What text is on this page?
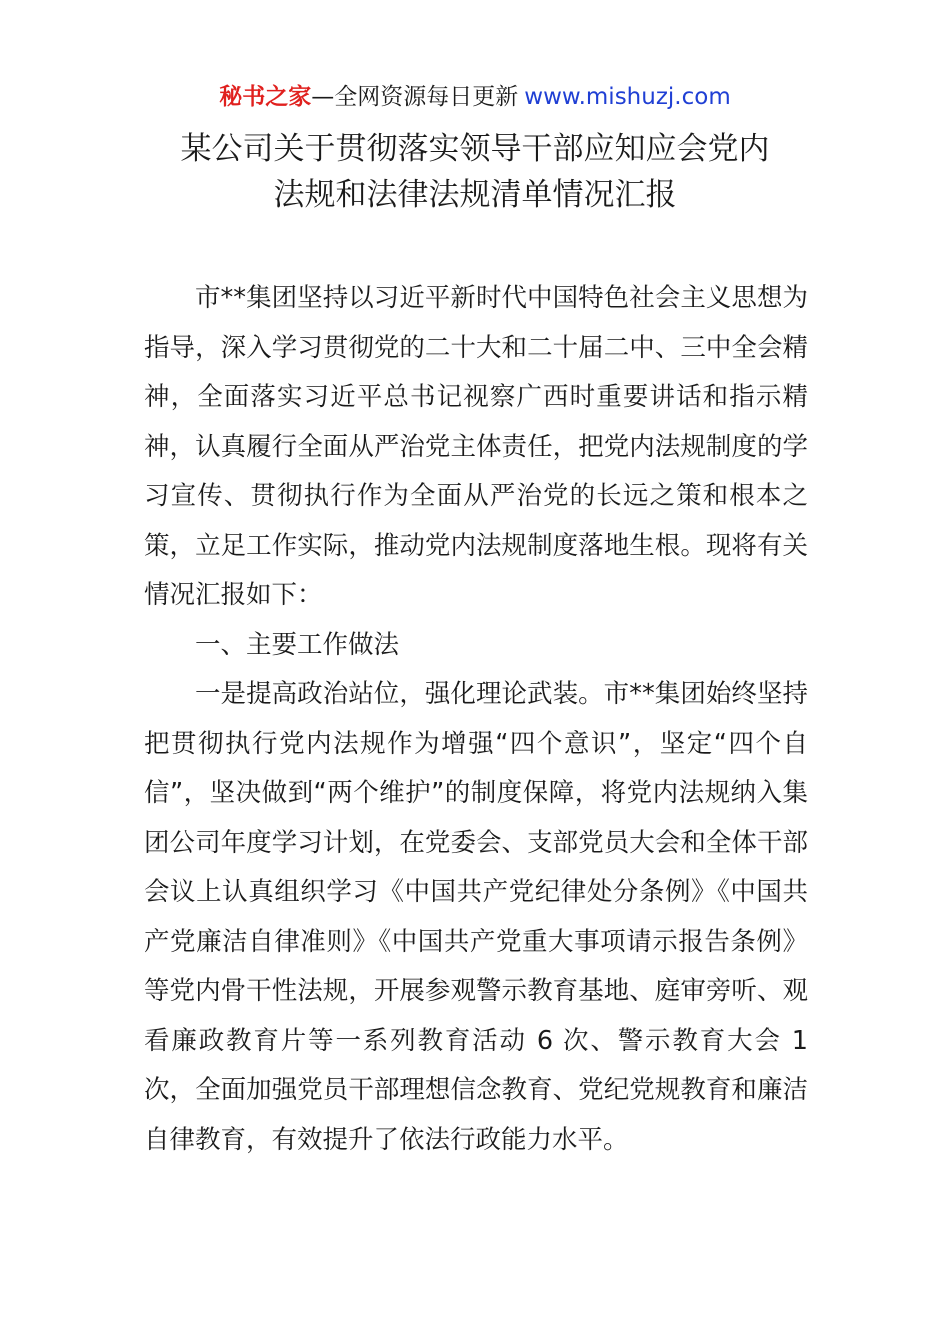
秘书之家—全网资源每日更新 www.mishuzj.com
某公司关于贯彻落实领导干部应知应会党内
法规和法律法规清单情况汇报

市**集团坚持以习近平新时代中国特色社会主义思想为指导，深入学习贯彻党的二十大和二十届二中、三中全会精神，全面落实习近平总书记视察广西时重要讲话和指示精神，认真履行全面从严治党主体责任，把党内法规制度的学习宣传、贯彻执行作为全面从严治党的长远之策和根本之策，立足工作实际，推动党内法规制度落地生根。现将有关情况汇报如下：

一、主要工作做法

一是提高政治站位，强化理论武装。市**集团始终坚持把贯彻执行党内法规作为增强“四个意识”，坚定“四个自信”，坚决做到“两个维护”的制度保障，将党内法规纳入集团公司年度学习计划，在党委会、支部党员大会和全体干部会议上认真组织学习《中国共产党纪律处分条例》《中国共产党廉洁自律准则》《中国共产党重大事项请示报告条例》等党内骨干性法规，开展参观警示教育基地、庭审旁听、观看廉政教育片等一系列教育活动 6 次、警示教育大会 1 次，全面加强党员干部理想信念教育、党纪党规教育和廉洁自律教育，有效提升了依法行政能力水平。
